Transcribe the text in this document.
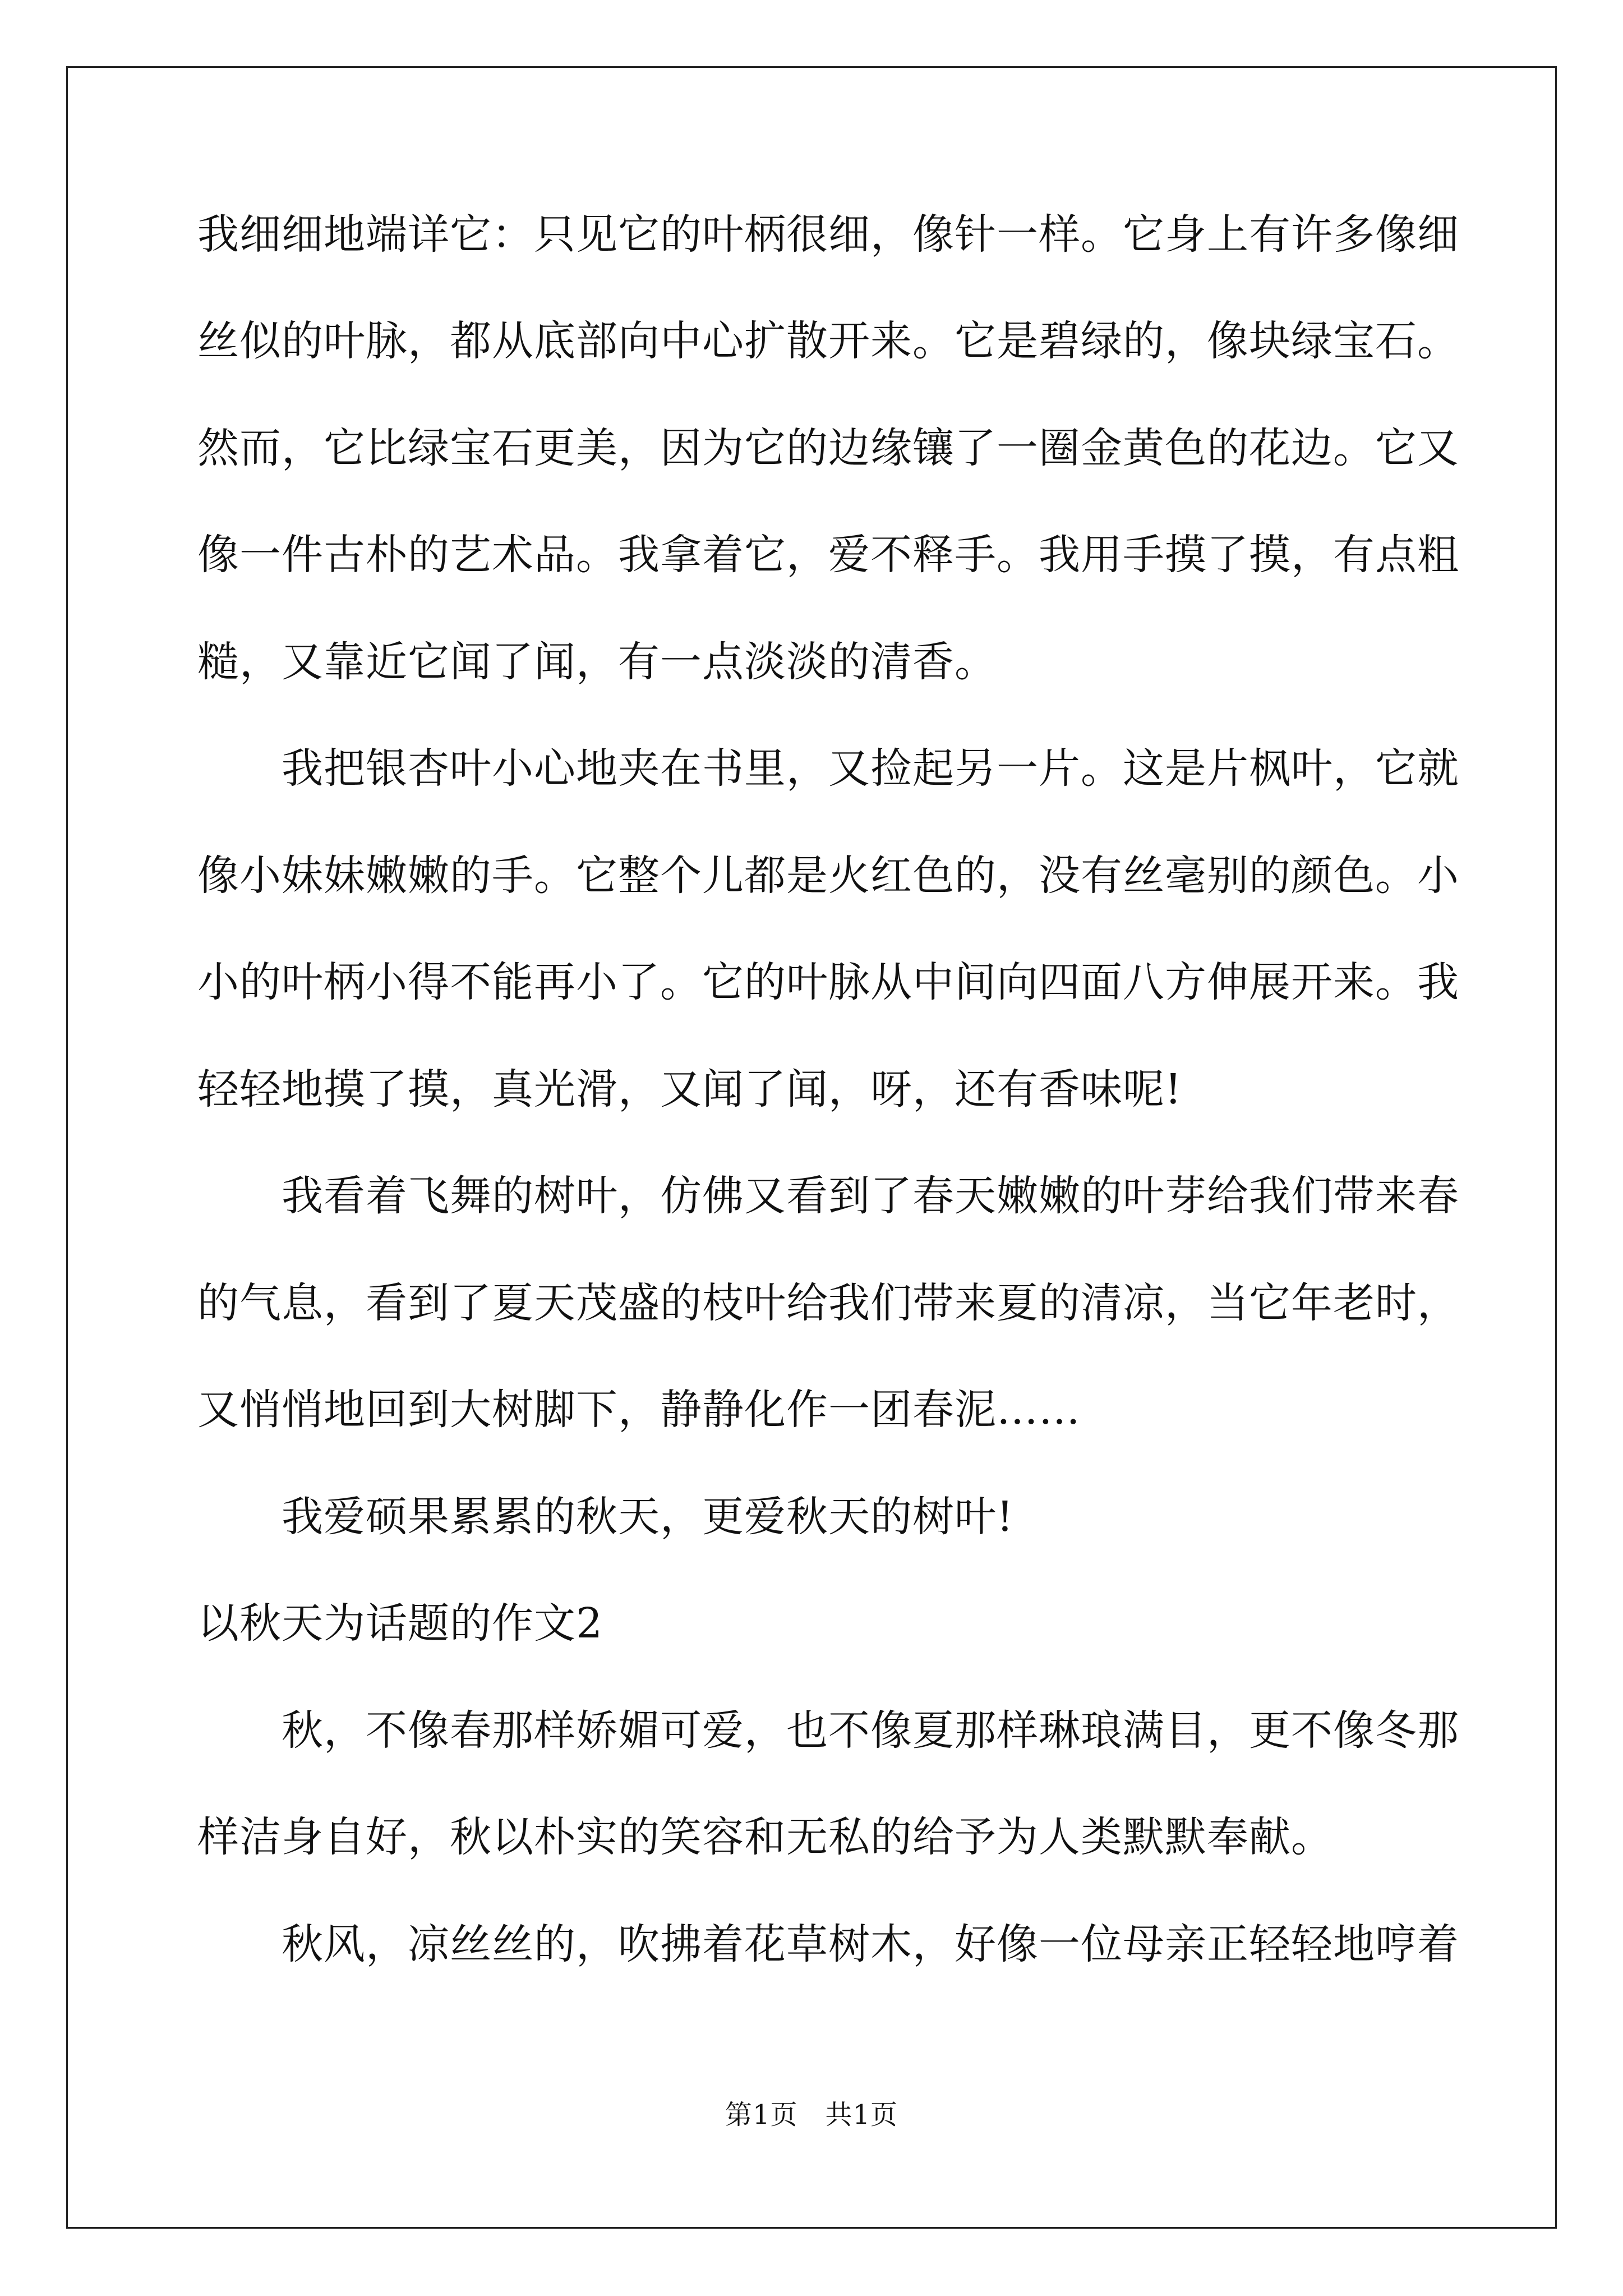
我细细地端详它：只见它的叶柄很细，像针一样。它身上有许多像细
丝似的叶脉，都从底部向中心扩散开来。它是碧绿的，像块绿宝石。
然而，它比绿宝石更美，因为它的边缘镶了一圈金黄色的花边。它又
像一件古朴的艺术品。我拿着它，爱不释手。我用手摸了摸，有点粗
糙，又靠近它闻了闻，有一点淡淡的清香。
我把银杏叶小心地夹在书里，又捡起另一片。这是片枫叶，它就
像小妹妹嫩嫩的手。它整个儿都是火红色的，没有丝毫别的颜色。小
小的叶柄小得不能再小了。它的叶脉从中间向四面八方伸展开来。我
轻轻地摸了摸，真光滑，又闻了闻，呀，还有香味呢!
我看着飞舞的树叶，仿佛又看到了春天嫩嫩的叶芽给我们带来春
的气息，看到了夏天茂盛的枝叶给我们带来夏的清凉，当它年老时，
又悄悄地回到大树脚下，静静化作一团春泥……
我爱硕果累累的秋天，更爱秋天的树叶!
以秋天为话题的作文2
秋，不像春那样娇媚可爱，也不像夏那样琳琅满目，更不像冬那
样洁身自好，秋以朴实的笑容和无私的给予为人类默默奉献。
秋风，凉丝丝的，吹拂着花草树木，好像一位母亲正轻轻地哼着
第1页　共1页
